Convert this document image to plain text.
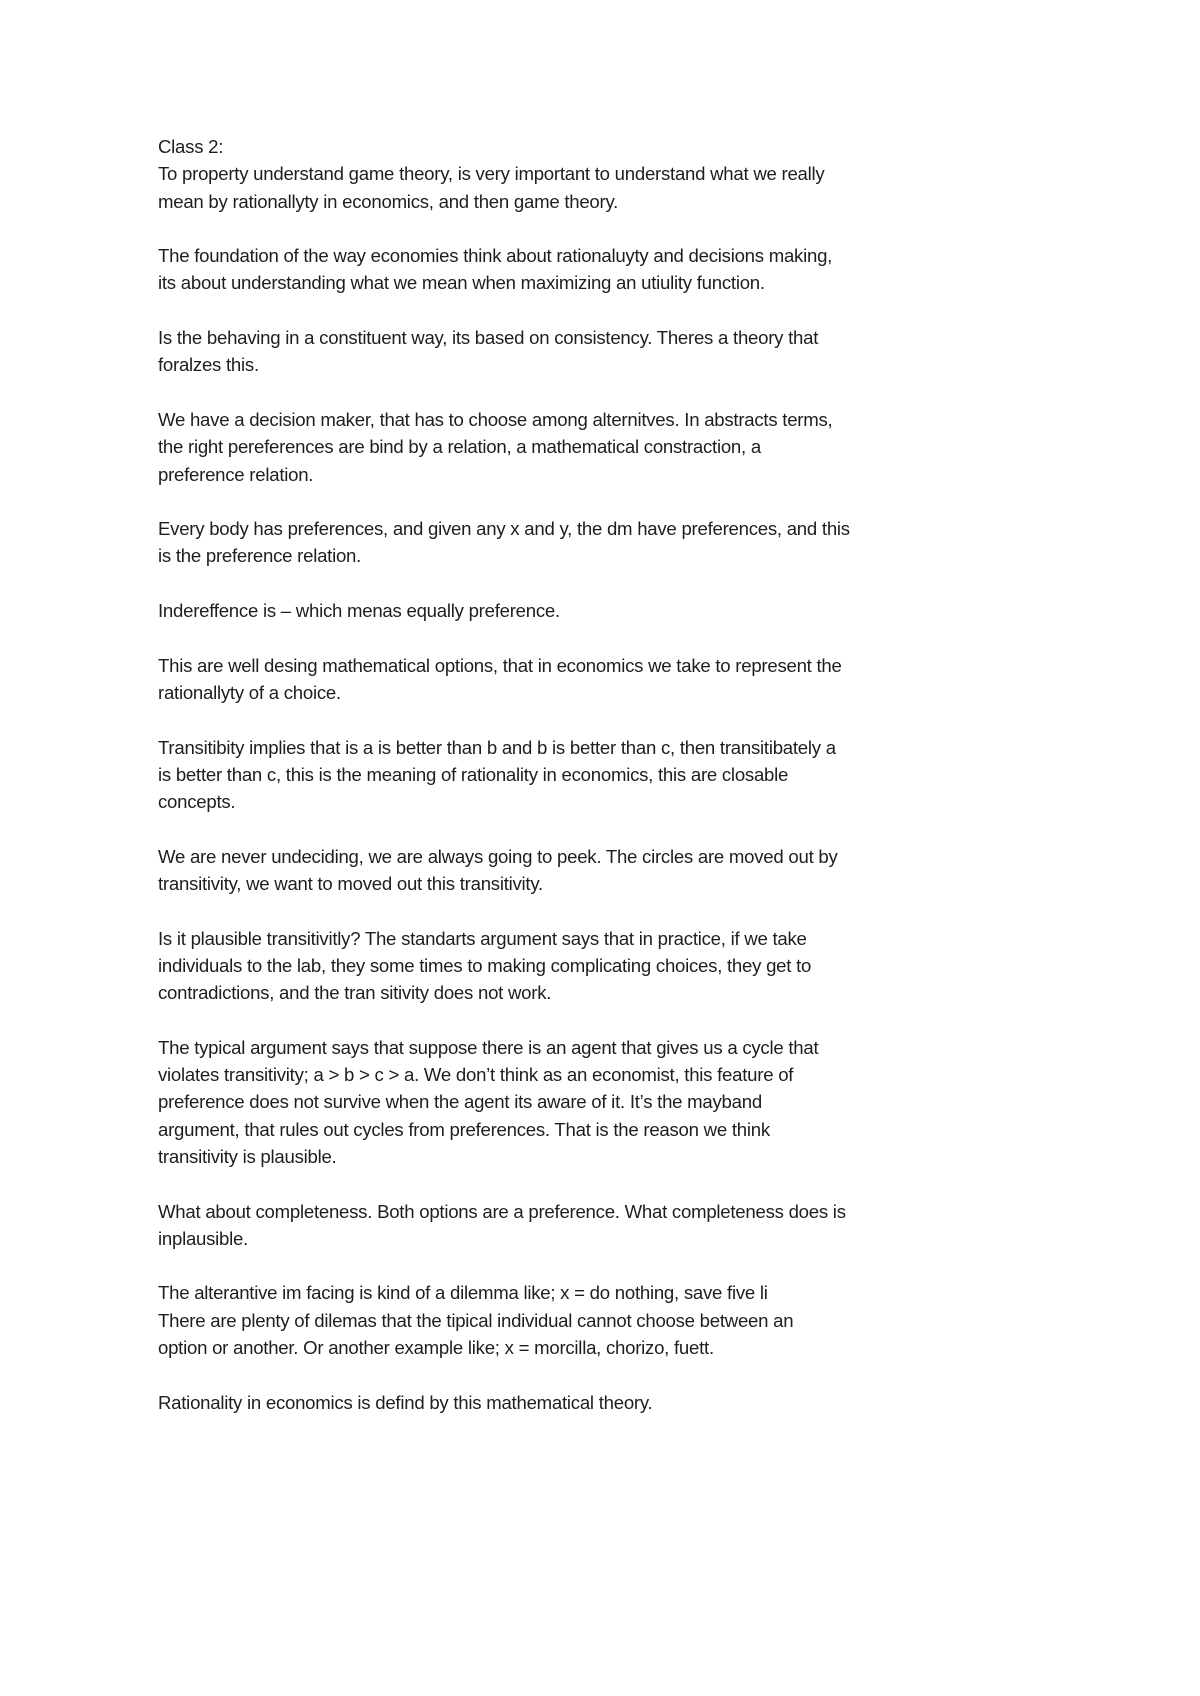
Class 2:
To property understand game theory, is very important to understand what we really
mean by rationallyty in economics, and then game theory.
The foundation of the way economies think about rationaluyty and decisions making,
its about understanding what we mean when maximizing an utiulity function.
Is the behaving in a constituent way, its based on consistency. Theres a theory that
foralzes this.
We have a decision maker, that has to choose among alternitves. In abstracts terms,
the right pereferences are bind by a relation, a mathematical constraction, a
preference relation.
Every body has preferences, and given any x and y, the dm have preferences, and this
is the preference relation.
Indereffence is – which menas equally preference.
This are well desing mathematical options, that in economics we take to represent the
rationallyty of a choice.
Transitibity implies that is a is better than b and b is better than c, then transitibately a
is better than c, this is the meaning of rationality in economics, this are closable
concepts.
We are never undeciding, we are always going to peek. The circles are moved out by
transitivity, we want to moved out this transitivity.
Is it plausible transitivitly? The standarts argument says that in practice, if we take
individuals to the lab, they some times to making complicating choices, they get to
contradictions, and the tran sitivity does not work.
The typical argument says that suppose there is an agent that gives us a cycle that
violates transitivity; a > b > c > a. We don’t think as an economist, this feature of
preference does not survive when the agent its aware of it. It’s the mayband
argument, that rules out cycles from preferences. That is the reason we think
transitivity is plausible.
What about completeness. Both options are a preference. What completeness does is
inplausible.
The alterantive im facing is kind of a dilemma like; x = do nothing, save five li
There are plenty of dilemas that the tipical individual cannot choose between an
option or another. Or another example like; x = morcilla, chorizo, fuett.
Rationality in economics is defind by this mathematical theory.
